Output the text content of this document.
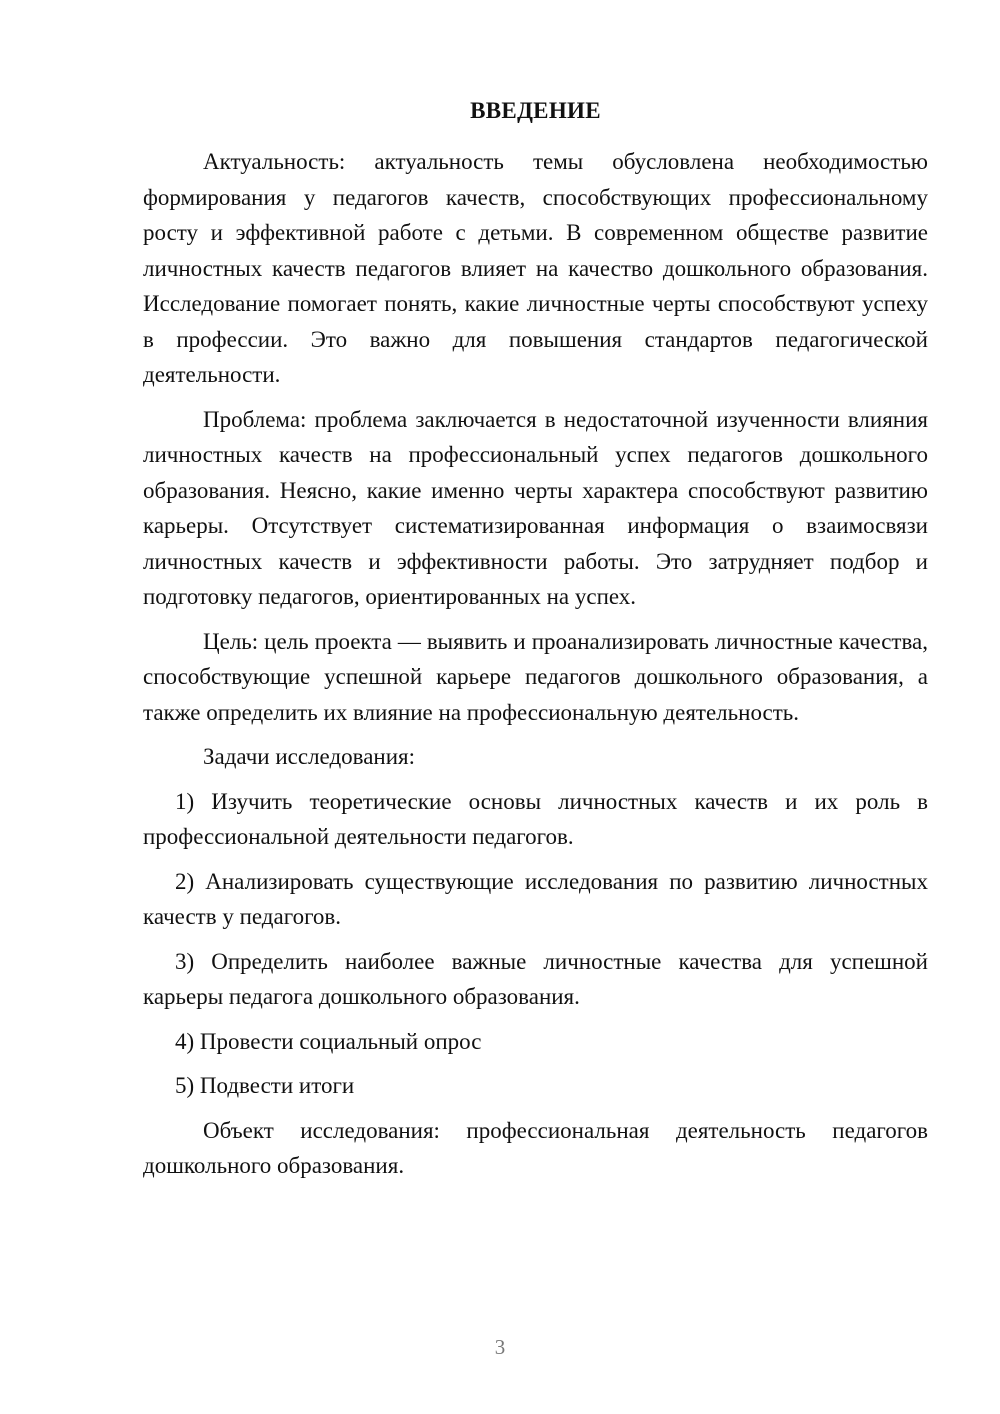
ВВЕДЕНИЕ
Актуальность: актуальность темы обусловлена необходимостью формирования у педагогов качеств, способствующих профессиональному росту и эффективной работе с детьми. В современном обществе развитие личностных качеств педагогов влияет на качество дошкольного образования. Исследование помогает понять, какие личностные черты способствуют успеху в профессии. Это важно для повышения стандартов педагогической деятельности.
Проблема: проблема заключается в недостаточной изученности влияния личностных качеств на профессиональный успех педагогов дошкольного образования. Неясно, какие именно черты характера способствуют развитию карьеры. Отсутствует систематизированная информация о взаимосвязи личностных качеств и эффективности работы. Это затрудняет подбор и подготовку педагогов, ориентированных на успех.
Цель: цель проекта — выявить и проанализировать личностные качества, способствующие успешной карьере педагогов дошкольного образования, а также определить их влияние на профессиональную деятельность.
Задачи исследования:
1) Изучить теоретические основы личностных качеств и их роль в профессиональной деятельности педагогов.
2) Анализировать существующие исследования по развитию личностных качеств у педагогов.
3) Определить наиболее важные личностные качества для успешной карьеры педагога дошкольного образования.
4) Провести социальный опрос
5) Подвести итоги
Объект исследования: профессиональная деятельность педагогов дошкольного образования.
3
